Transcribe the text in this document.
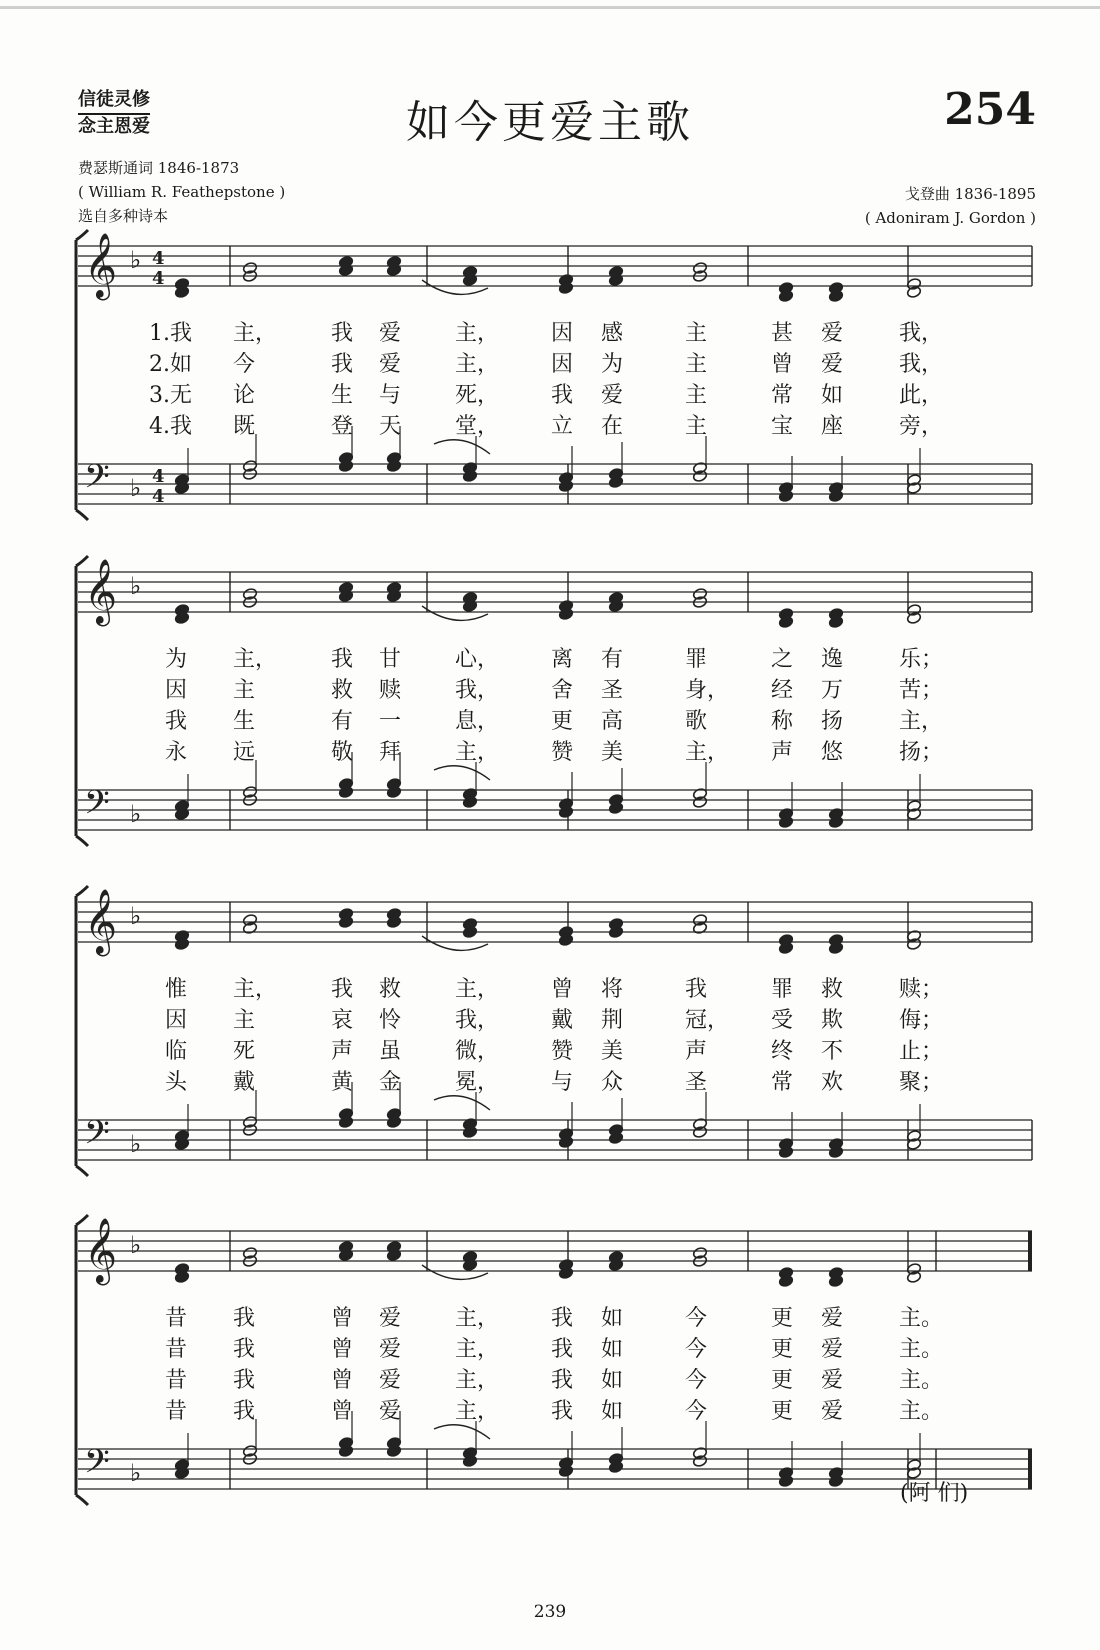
信徒灵修
念主恩爱	如今更爱主歌	254
费瑟斯通词 1846-1873
( William R. Feathepstone )
选自多种诗本
戈登曲 1836-1895
( Adoniram J. Gordon )
𝄞 ♭ 4
4
𝄢 ♭ 4
4
1.我 主， 我 爱 主， 因 感	主	甚 爱	我，
2.如 今	我 爱 主， 因 为	主	曾 爱	我，
3.无 论	生 与 死， 我 爱	主	常 如	此，
4.我 既	登 天 堂， 立 在	主	宝 座	旁，
𝄞 ♭
𝄢 ♭
为 主， 我 甘 心， 离 有	罪	之 逸	乐；
因 主	救 赎 我， 舍 圣	身， 经 万	苦；
我 生	有 一 息， 更 高	歌	称 扬	主，
永 远	敬 拜 主， 赞 美	主， 声 悠	扬；
𝄞 ♭
𝄢 ♭
惟 主， 我 救 主， 曾 将	我	罪 救	赎；
因 主	哀 怜 我， 戴 荆	冠， 受 欺	侮；
临 死	声 虽 微， 赞 美	声	终 不	止；
头 戴	黄 金 冕， 与 众	圣	常 欢	聚；
𝄞 ♭
𝄢 ♭
昔 我	曾 爱 主， 我 如	今	更 爱	主。
昔 我	曾 爱 主， 我 如	今	更 爱	主。
昔 我	曾 爱 主， 我 如	今	更 爱	主。
昔 我	曾 爱 主， 我 如	今	更 爱	主。
(阿 们)
239
